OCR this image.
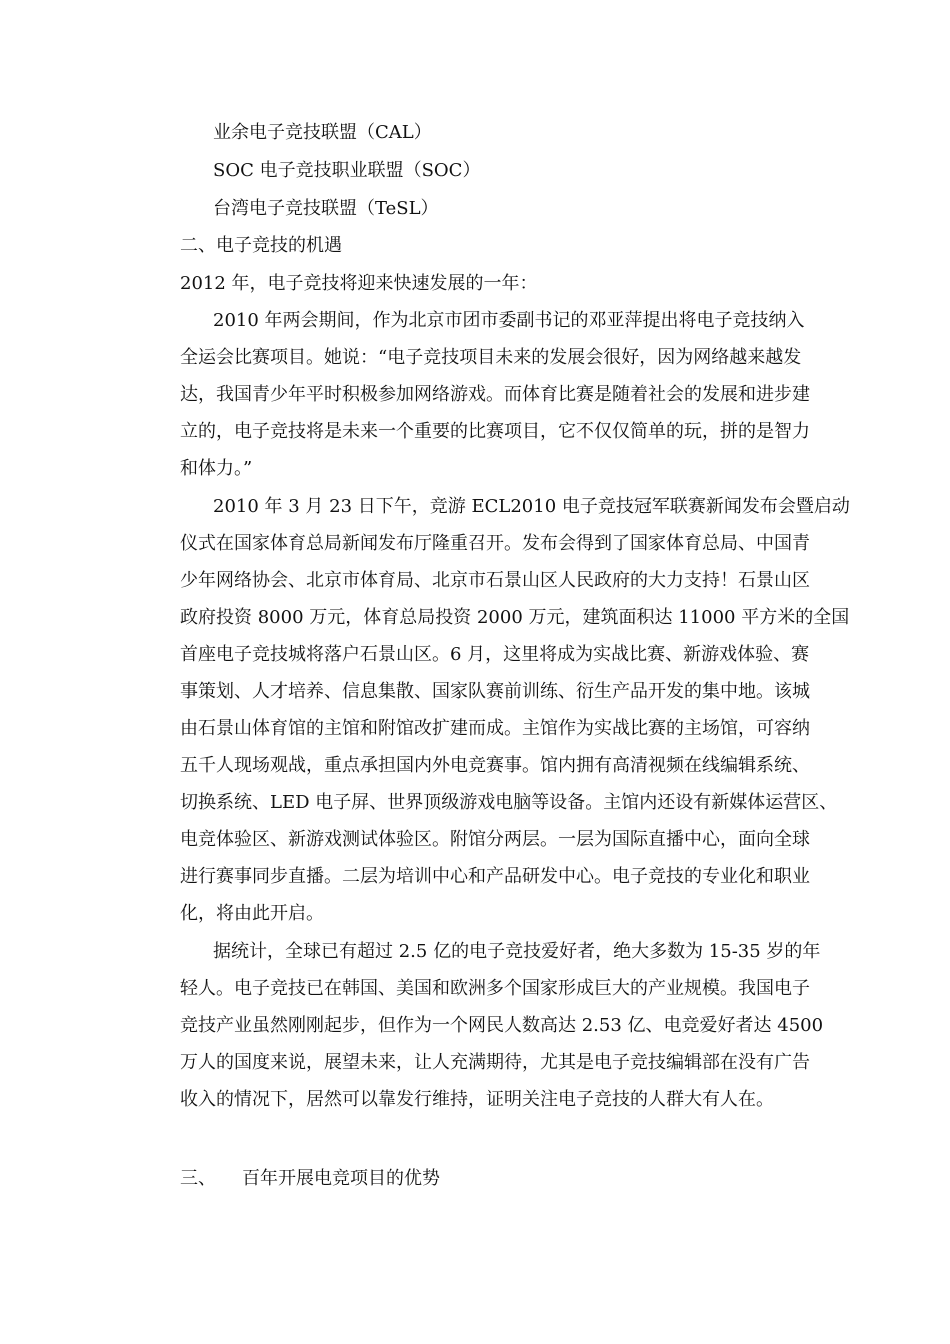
业余电子竞技联盟（CAL）
SOC 电子竞技职业联盟（SOC）
台湾电子竞技联盟（TeSL）
二、电子竞技的机遇
2012 年，电子竞技将迎来快速发展的一年：
2010 年两会期间，作为北京市团市委副书记的邓亚萍提出将电子竞技纳入
全运会比赛项目。她说：“电子竞技项目未来的发展会很好，因为网络越来越发
达，我国青少年平时积极参加网络游戏。而体育比赛是随着社会的发展和进步建
立的，电子竞技将是未来一个重要的比赛项目，它不仅仅简单的玩，拼的是智力
和体力。”
2010 年 3 月 23 日下午，竞游 ECL2010 电子竞技冠军联赛新闻发布会暨启动
仪式在国家体育总局新闻发布厅隆重召开。发布会得到了国家体育总局、中国青
少年网络协会、北京市体育局、北京市石景山区人民政府的大力支持！石景山区
政府投资 8000 万元，体育总局投资 2000 万元，建筑面积达 11000 平方米的全国
首座电子竞技城将落户石景山区。6 月，这里将成为实战比赛、新游戏体验、赛
事策划、人才培养、信息集散、国家队赛前训练、衍生产品开发的集中地。该城
由石景山体育馆的主馆和附馆改扩建而成。主馆作为实战比赛的主场馆，可容纳
五千人现场观战，重点承担国内外电竞赛事。馆内拥有高清视频在线编辑系统、
切换系统、LED 电子屏、世界顶级游戏电脑等设备。主馆内还设有新媒体运营区、
电竞体验区、新游戏测试体验区。附馆分两层。一层为国际直播中心，面向全球
进行赛事同步直播。二层为培训中心和产品研发中心。电子竞技的专业化和职业
化，将由此开启。
据统计，全球已有超过 2.5 亿的电子竞技爱好者，绝大多数为 15-35 岁的年
轻人。电子竞技已在韩国、美国和欧洲多个国家形成巨大的产业规模。我国电子
竞技产业虽然刚刚起步，但作为一个网民人数高达 2.53 亿、电竞爱好者达 4500
万人的国度来说，展望未来，让人充满期待，尤其是电子竞技编辑部在没有广告
收入的情况下，居然可以靠发行维持，证明关注电子竞技的人群大有人在。
三、 百年开展电竞项目的优势
